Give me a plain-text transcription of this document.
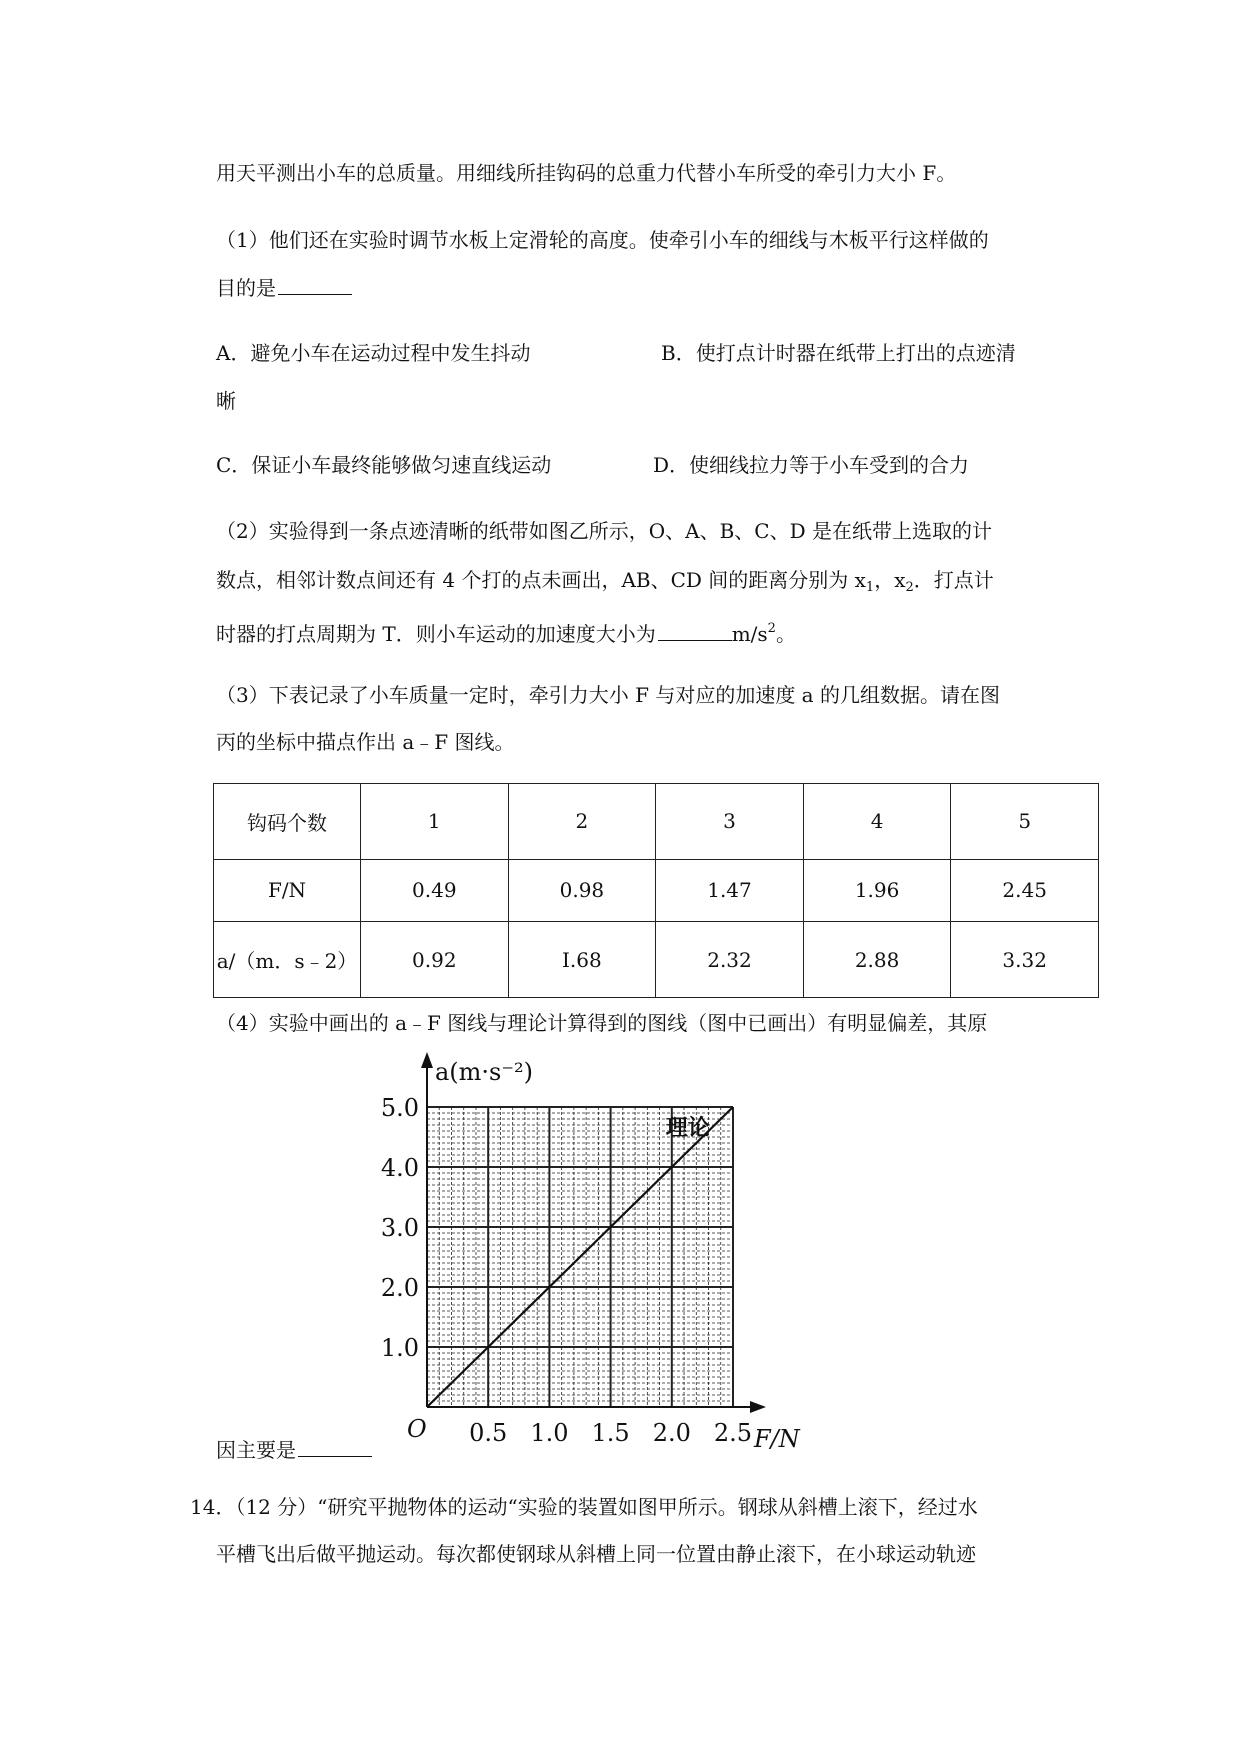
用天平测出小车的总质量。用细线所挂钩码的总重力代替小车所受的牵引力大小 F。
（1）他们还在实验时调节水板上定滑轮的高度。使牵引小车的细线与木板平行这样做的
目的是
A．避免小车在运动过程中发生抖动	B．使打点计时器在纸带上打出的点迹清
晰
C．保证小车最终能够做匀速直线运动	D．使细线拉力等于小车受到的合力
（2）实验得到一条点迹清晰的纸带如图乙所示，O、A、B、C、D 是在纸带上选取的计
数点，相邻计数点间还有 4 个打的点未画出，AB、CD 间的距离分别为 $x_1$，$x_2$．打点计
时器的打点周期为 T．则小车运动的加速度大小为	$m/s^2$。
（3）下表记录了小车质量一定时，牵引力大小 F 与对应的加速度 a 的几组数据。请在图
丙的坐标中描点作出 a﹣F 图线。
钩码个数	1	2	3	4	5
F/N	0.49	0.98	1.47	1.96	2.45
a/（m．s﹣2）	0.92	I.68	2.32	2.88	3.32
（4）实验中画出的 a﹣F 图线与理论计算得到的图线（图中已画出）有明显偏差，其原
因主要是
14．（12 分）“研究平抛物体的运动“实验的装置如图甲所示。钢球从斜槽上滚下，经过水
平槽飞出后做平抛运动。每次都使钢球从斜槽上同一位置由静止滚下，在小球运动轨迹
理论
1.0
2.0
3.0
4.0
5.0
0.5 1.0 1.5 2.0 2.5
O
a(m·s⁻²)
F/N
